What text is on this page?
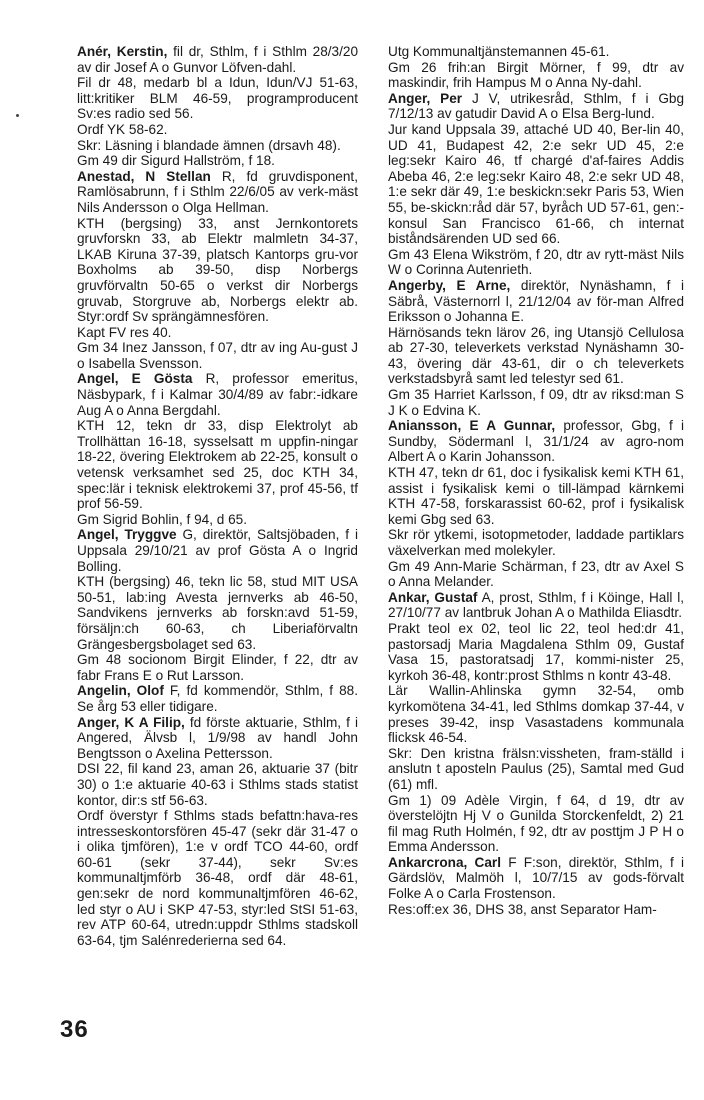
Anér, Kerstin, fil dr, Sthlm, f i Sthlm 28/3/20 av dir Josef A o Gunvor Löfven-dahl.

Fil dr 48, medarb bl a Idun, Idun/VJ 51-63, litt:kritiker BLM 46-59, programproducent Sv:es radio sed 56.

Ordf YK 58-62.

Skr: Läsning i blandade ämnen (drsavh 48).

Gm 49 dir Sigurd Hallström, f 18.

Anestad, N Stellan R, fd gruvdisponent, Ramlösabrunn, f i Sthlm 22/6/05 av verk-mäst Nils Andersson o Olga Hellman.

KTH (bergsing) 33, anst Jernkontorets gruvforskn 33, ab Elektr malmletn 34-37, LKAB Kiruna 37-39, platsch Kantorps gru-vor Boxholms ab 39-50, disp Norbergs gruvförvaltn 50-65 o verkst dir Norbergs gruvab, Storgruve ab, Norbergs elektr ab. Styr:ordf Sv sprängämnesfören.

Kapt FV res 40.

Gm 34 Inez Jansson, f 07, dtr av ing Au-gust J o Isabella Svensson.

Angel, E Gösta R, professor emeritus, Näsbypark, f i Kalmar 30/4/89 av fabr:-idkare Aug A o Anna Bergdahl.

KTH 12, tekn dr 33, disp Elektrolyt ab Trollhättan 16-18, sysselsatt m uppfin-ningar 18-22, övering Elektrokem ab 22-25, konsult o vetensk verksamhet sed 25, doc KTH 34, spec:lär i teknisk elektrokemi 37, prof 45-56, tf prof 56-59.

Gm Sigrid Bohlin, f 94, d 65.

Angel, Tryggve G, direktör, Saltsjöbaden, f i Uppsala 29/10/21 av prof Gösta A o Ingrid Bolling.

KTH (bergsing) 46, tekn lic 58, stud MIT USA 50-51, lab:ing Avesta jernverks ab 46-50, Sandvikens jernverks ab forskn:avd 51-59, försäljn:ch 60-63, ch Liberiaförvaltn Grängesbergsbolaget sed 63.

Gm 48 socionom Birgit Elinder, f 22, dtr av fabr Frans E o Rut Larsson.

Angelin, Olof F, fd kommendör, Sthlm, f 88. Se årg 53 eller tidigare.

Anger, K A Filip, fd förste aktuarie, Sthlm, f i Angered, Älvsb l, 1/9/98 av handl John Bengtsson o Axelina Pettersson.

DSI 22, fil kand 23, aman 26, aktuarie 37 (bitr 30) o 1:e aktuarie 40-63 i Sthlms stads statist kontor, dir:s stf 56-63.

Ordf överstyr f Sthlms stads befattn:hava-res intresseskontorsfören 45-47 (sekr där 31-47 o i olika tjmfören), 1:e v ordf TCO 44-60, ordf 60-61 (sekr 37-44), sekr Sv:es kommunaltjmförb 36-48, ordf där 48-61, gen:sekr de nord kommunaltjmfören 46-62, led styr o AU i SKP 47-53, styr:led StSI 51-63, rev ATP 60-64, utredn:uppdr Sthlms stadskoll 63-64, tjm Salénrederierna sed 64.

Utg Kommunaltjänstemannen 45-61.

Gm 26 frih:an Birgit Mörner, f 99, dtr av maskindir, frih Hampus M o Anna Ny-dahl.

Anger, Per J V, utrikesråd, Sthlm, f i Gbg 7/12/13 av gatudir David A o Elsa Berg-lund.

Jur kand Uppsala 39, attaché UD 40, Ber-lin 40, UD 41, Budapest 42, 2:e sekr UD 45, 2:e leg:sekr Kairo 46, tf chargé d'af-faires Addis Abeba 46, 2:e leg:sekr Kairo 48, 2:e sekr UD 48, 1:e sekr där 49, 1:e beskickn:sekr Paris 53, Wien 55, be-skickn:råd där 57, byråch UD 57-61, gen:-konsul San Francisco 61-66, ch internat biståndsärenden UD sed 66.

Gm 43 Elena Wikström, f 20, dtr av rytt-mäst Nils W o Corinna Autenrieth.

Angerby, E Arne, direktör, Nynäshamn, f i Säbrå, Västernorrl l, 21/12/04 av för-man Alfred Eriksson o Johanna E.

Härnösands tekn lärov 26, ing Utansjö Cellulosa ab 27-30, televerkets verkstad Nynäshamn 30-43, övering där 43-61, dir o ch televerkets verkstadsbyrå samt led telestyr sed 61.

Gm 35 Harriet Karlsson, f 09, dtr av riksd:man S J K o Edvina K.

Aniansson, E A Gunnar, professor, Gbg, f i Sundby, Södermanl l, 31/1/24 av agro-nom Albert A o Karin Johansson.

KTH 47, tekn dr 61, doc i fysikalisk kemi KTH 61, assist i fysikalisk kemi o till-lämpad kärnkemi KTH 47-58, forskarassist 60-62, prof i fysikalisk kemi Gbg sed 63.

Skr rör ytkemi, isotopmetoder, laddade partiklars växelverkan med molekyler.

Gm 49 Ann-Marie Schärman, f 23, dtr av Axel S o Anna Melander.

Ankar, Gustaf A, prost, Sthlm, f i Köinge, Hall l, 27/10/77 av lantbruk Johan A o Mathilda Eliasdtr.

Prakt teol ex 02, teol lic 22, teol hed:dr 41, pastorsadj Maria Magdalena Sthlm 09, Gustaf Vasa 15, pastoratsadj 17, kommi-nister 25, kyrkoh 36-48, kontr:prost Sthlms n kontr 43-48.

Lär Wallin-Ahlinska gymn 32-54, omb kyrkomötena 34-41, led Sthlms domkap 37-44, v preses 39-42, insp Vasastadens kommunala flicksk 46-54.

Skr: Den kristna frälsn:vissheten, fram-ställd i anslutn t aposteln Paulus (25), Samtal med Gud (61) mfl.

Gm 1) 09 Adèle Virgin, f 64, d 19, dtr av överstelöjtn Hj V o Gunilda Storckenfeldt, 2) 21 fil mag Ruth Holmén, f 92, dtr av posttjm J P H o Emma Andersson.

Ankarcrona, Carl F F:son, direktör, Sthlm, f i Gärdslöv, Malmöh l, 10/7/15 av gods-förvalt Folke A o Carla Frostenson.

Res:off:ex 36, DHS 38, anst Separator Ham-

36
